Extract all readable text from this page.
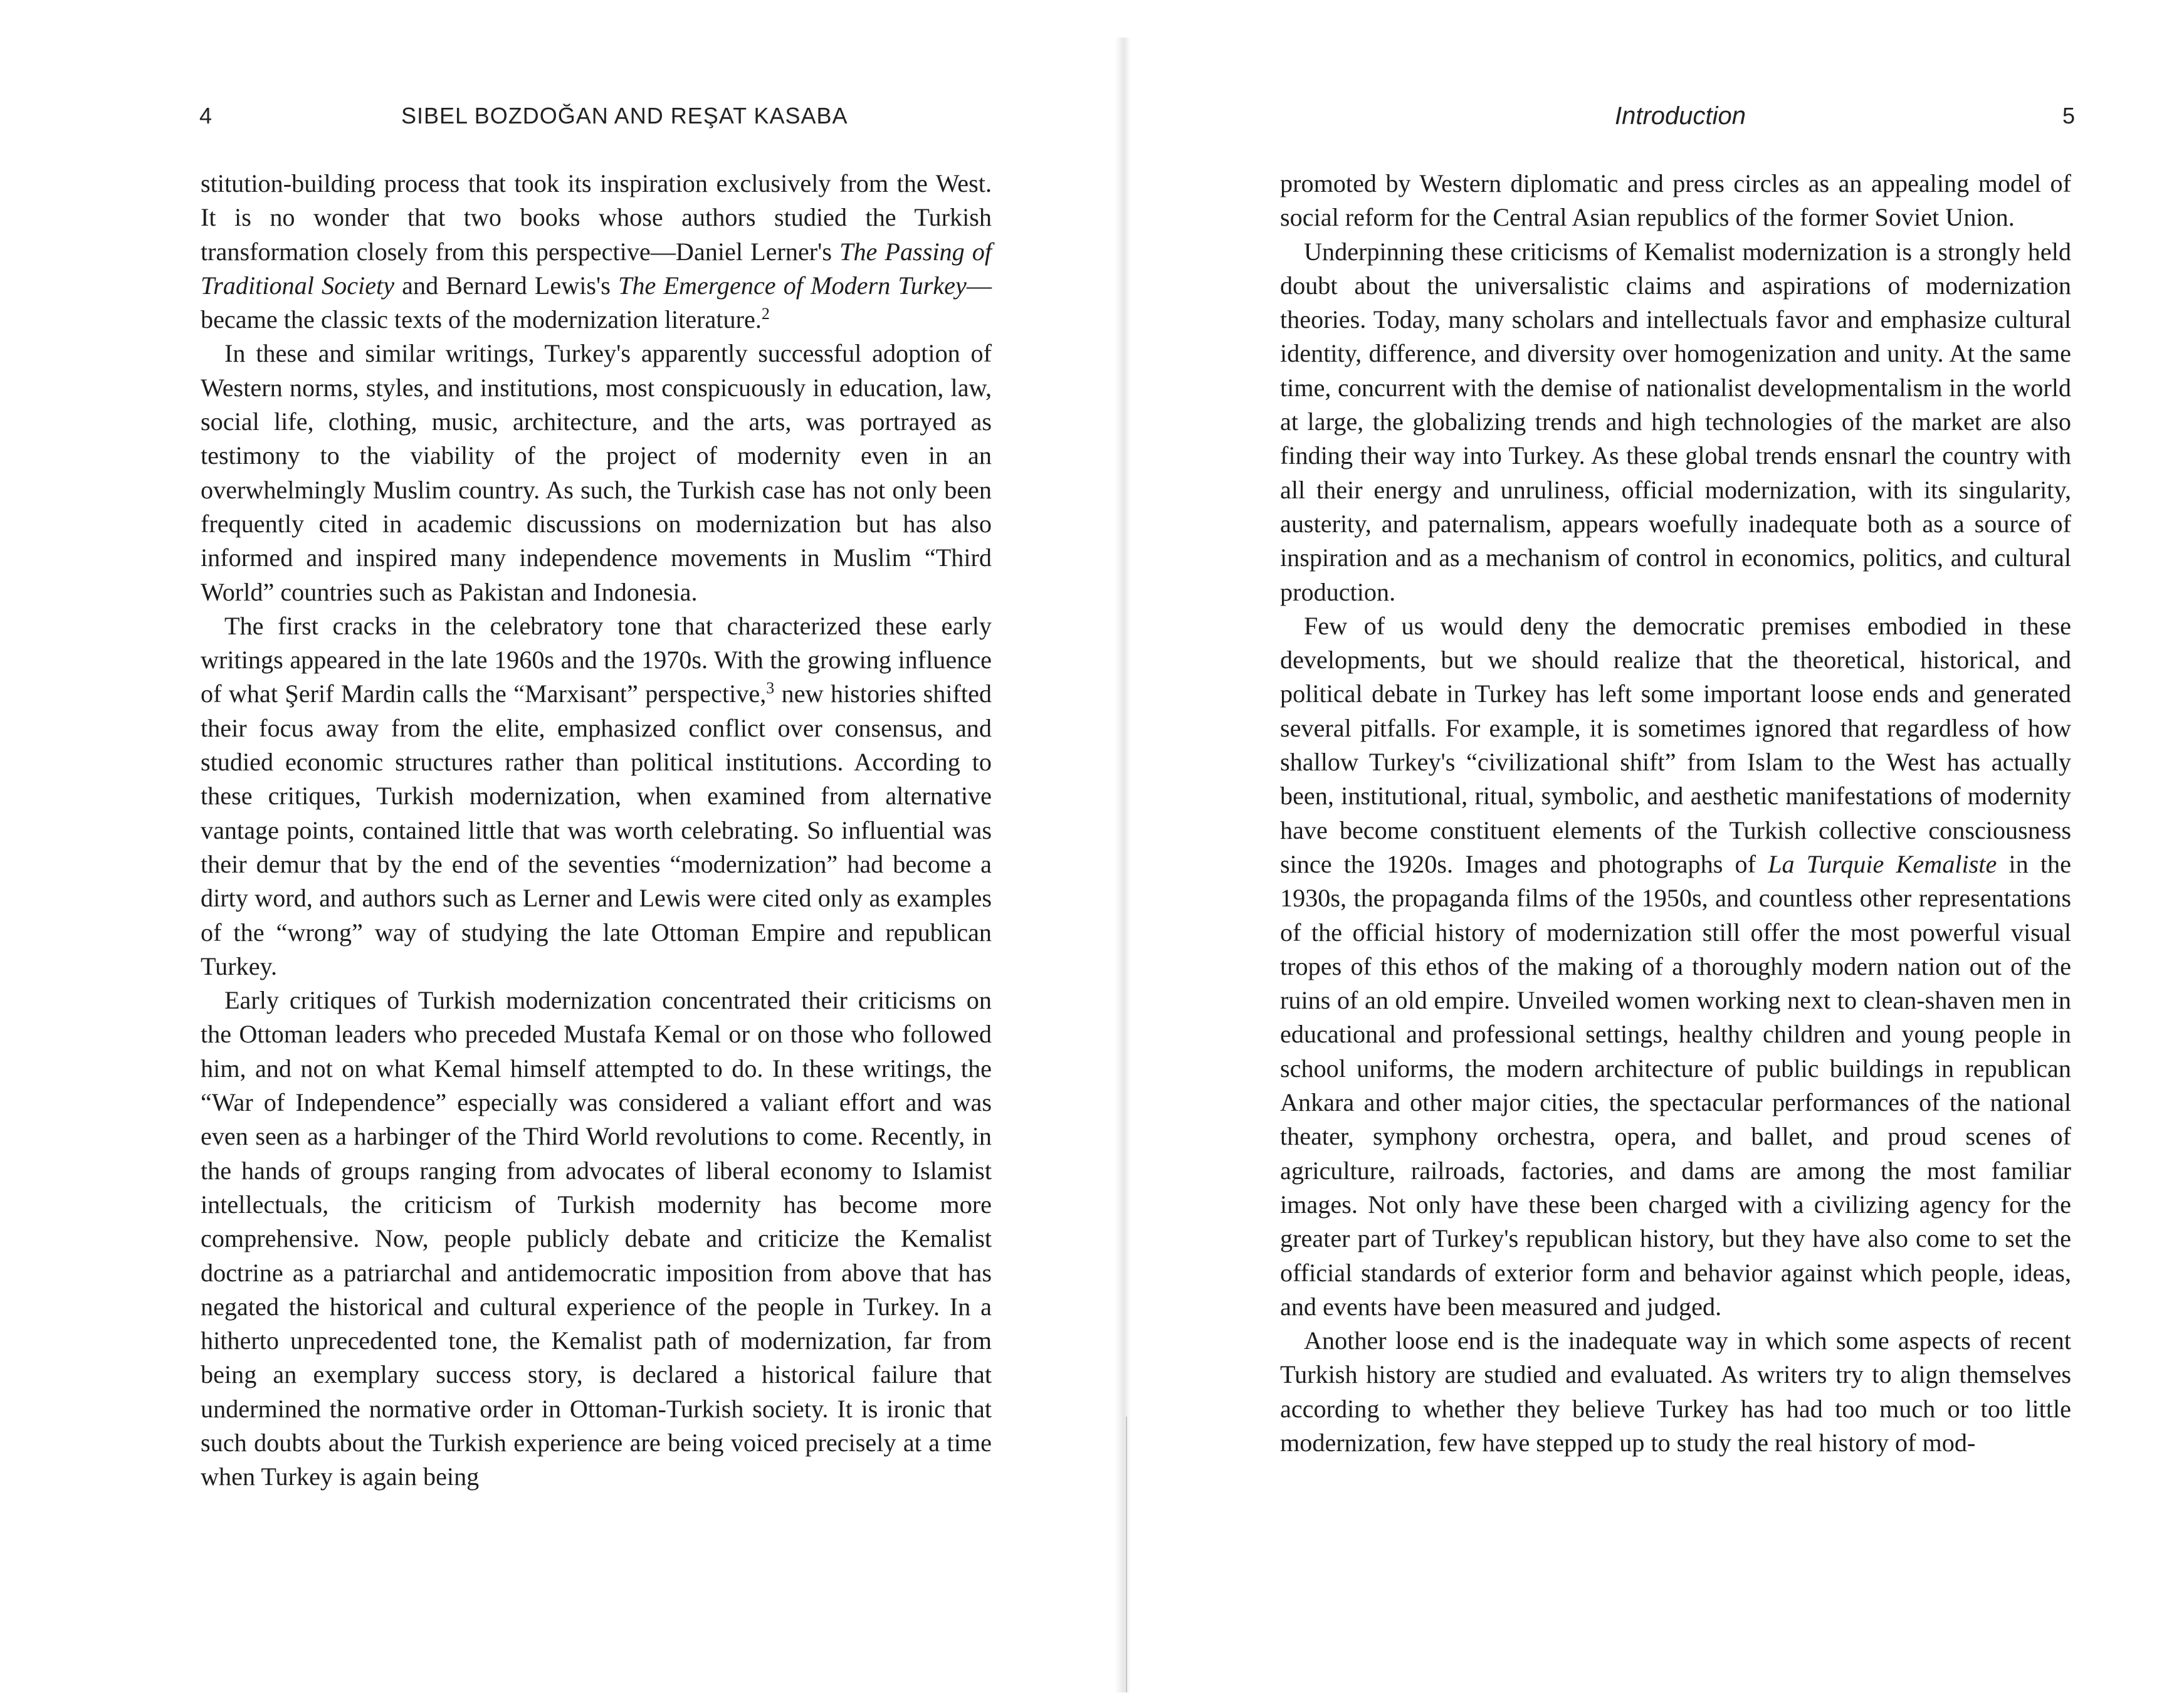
4	SIBEL BOZDOĞAN AND REŞAT KASABA

stitution-building process that took its inspiration exclusively from the West. It is no wonder that two books whose authors studied the Turkish transformation closely from this perspective—Daniel Lerner's The Passing of Traditional Society and Bernard Lewis's The Emergence of Modern Turkey—became the classic texts of the modernization literature.$^2$

In these and similar writings, Turkey's apparently successful adoption of Western norms, styles, and institutions, most conspicuously in education, law, social life, clothing, music, architecture, and the arts, was portrayed as testimony to the viability of the project of modernity even in an overwhelmingly Muslim country. As such, the Turkish case has not only been frequently cited in academic discussions on modernization but has also informed and inspired many independence movements in Muslim “Third World” countries such as Pakistan and Indonesia.

The first cracks in the celebratory tone that characterized these early writings appeared in the late 1960s and the 1970s. With the growing influence of what Şerif Mardin calls the “Marxisant” perspective,$^3$ new histories shifted their focus away from the elite, emphasized conflict over consensus, and studied economic structures rather than political institutions. According to these critiques, Turkish modernization, when examined from alternative vantage points, contained little that was worth celebrating. So influential was their demur that by the end of the seventies “modernization” had become a dirty word, and authors such as Lerner and Lewis were cited only as examples of the “wrong” way of studying the late Ottoman Empire and republican Turkey.

Early critiques of Turkish modernization concentrated their criticisms on the Ottoman leaders who preceded Mustafa Kemal or on those who followed him, and not on what Kemal himself attempted to do. In these writings, the “War of Independence” especially was considered a valiant effort and was even seen as a harbinger of the Third World revolutions to come. Recently, in the hands of groups ranging from advocates of liberal economy to Islamist intellectuals, the criticism of Turkish modernity has become more comprehensive. Now, people publicly debate and criticize the Kemalist doctrine as a patriarchal and antidemocratic imposition from above that has negated the historical and cultural experience of the people in Turkey. In a hitherto unprecedented tone, the Kemalist path of modernization, far from being an exemplary success story, is declared a historical failure that undermined the normative order in Ottoman-Turkish society. It is ironic that such doubts about the Turkish experience are being voiced precisely at a time when Turkey is again being

Introduction	5

promoted by Western diplomatic and press circles as an appealing model of social reform for the Central Asian republics of the former Soviet Union.

Underpinning these criticisms of Kemalist modernization is a strongly held doubt about the universalistic claims and aspirations of modernization theories. Today, many scholars and intellectuals favor and emphasize cultural identity, difference, and diversity over homogenization and unity. At the same time, concurrent with the demise of nationalist developmentalism in the world at large, the globalizing trends and high technologies of the market are also finding their way into Turkey. As these global trends ensnarl the country with all their energy and unruliness, official modernization, with its singularity, austerity, and paternalism, appears woefully inadequate both as a source of inspiration and as a mechanism of control in economics, politics, and cultural production.

Few of us would deny the democratic premises embodied in these developments, but we should realize that the theoretical, historical, and political debate in Turkey has left some important loose ends and generated several pitfalls. For example, it is sometimes ignored that regardless of how shallow Turkey's “civilizational shift” from Islam to the West has actually been, institutional, ritual, symbolic, and aesthetic manifestations of modernity have become constituent elements of the Turkish collective consciousness since the 1920s. Images and photographs of La Turquie Kemaliste in the 1930s, the propaganda films of the 1950s, and countless other representations of the official history of modernization still offer the most powerful visual tropes of this ethos of the making of a thoroughly modern nation out of the ruins of an old empire. Unveiled women working next to clean-shaven men in educational and professional settings, healthy children and young people in school uniforms, the modern architecture of public buildings in republican Ankara and other major cities, the spectacular performances of the national theater, symphony orchestra, opera, and ballet, and proud scenes of agriculture, railroads, factories, and dams are among the most familiar images. Not only have these been charged with a civilizing agency for the greater part of Turkey's republican history, but they have also come to set the official standards of exterior form and behavior against which people, ideas, and events have been measured and judged.

Another loose end is the inadequate way in which some aspects of recent Turkish history are studied and evaluated. As writers try to align themselves according to whether they believe Turkey has had too much or too little modernization, few have stepped up to study the real history of mod-
